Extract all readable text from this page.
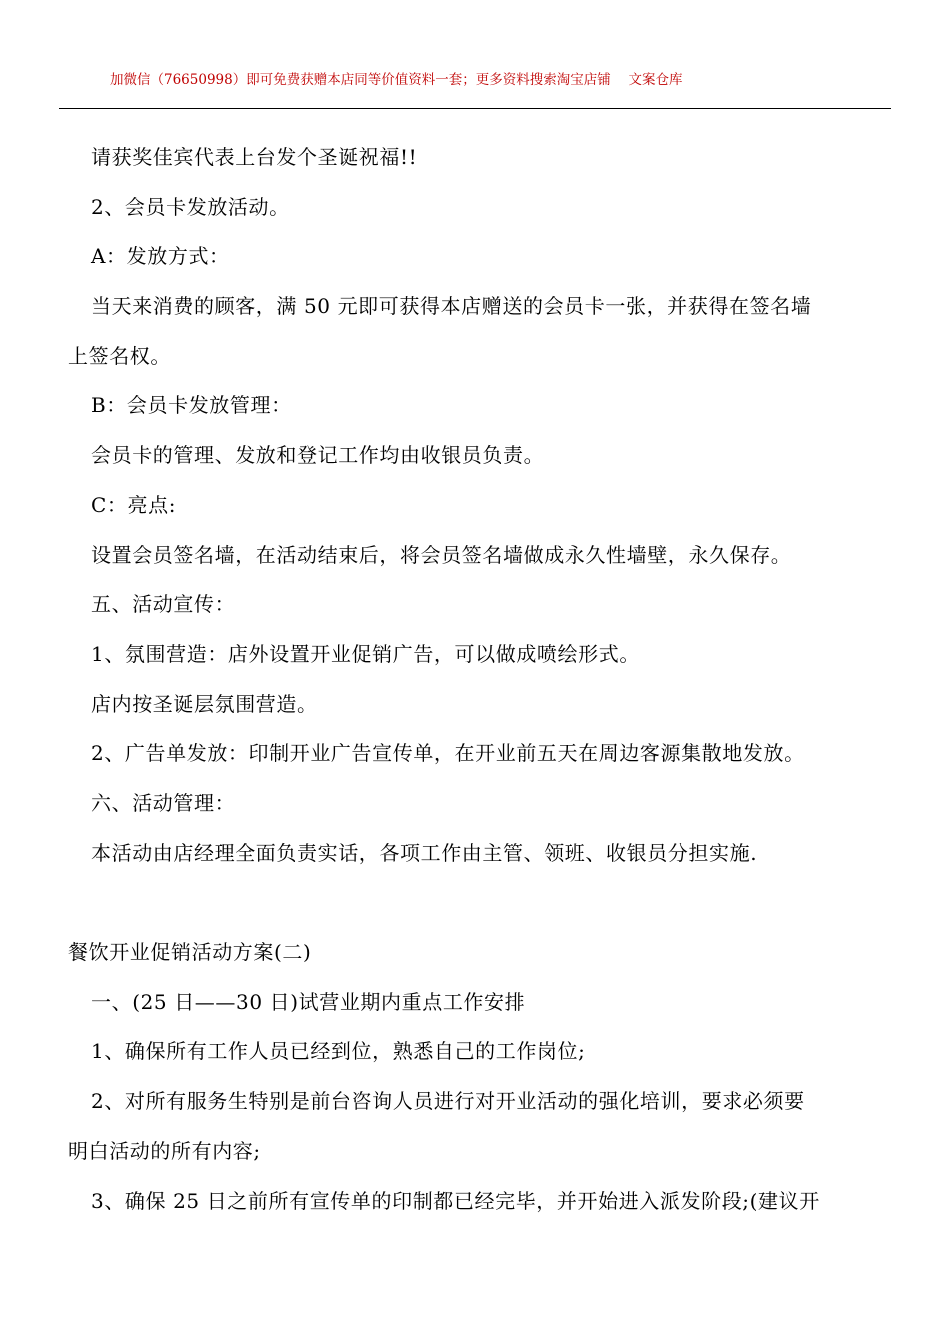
加微信（76650998）即可免费获赠本店同等价值资料一套；更多资料搜索淘宝店铺　 文案仓库
请获奖佳宾代表上台发个圣诞祝福!!
2、会员卡发放活动。
A：发放方式：
当天来消费的顾客，满 50 元即可获得本店赠送的会员卡一张，并获得在签名墙
上签名权。
B：会员卡发放管理：
会员卡的管理、发放和登记工作均由收银员负责。
C：亮点:
设置会员签名墙，在活动结束后，将会员签名墙做成永久性墙壁，永久保存。
五、活动宣传：
1、氛围营造：店外设置开业促销广告，可以做成喷绘形式。
店内按圣诞层氛围营造。
2、广告单发放：印制开业广告宣传单，在开业前五天在周边客源集散地发放。
六、活动管理：
本活动由店经理全面负责实话，各项工作由主管、领班、收银员分担实施.
餐饮开业促销活动方案(二)
一、(25 日——30 日)试营业期内重点工作安排
1、确保所有工作人员已经到位，熟悉自己的工作岗位;
2、对所有服务生特别是前台咨询人员进行对开业活动的强化培训，要求必须要
明白活动的所有内容;
3、确保 25 日之前所有宣传单的印制都已经完毕，并开始进入派发阶段;(建议开
